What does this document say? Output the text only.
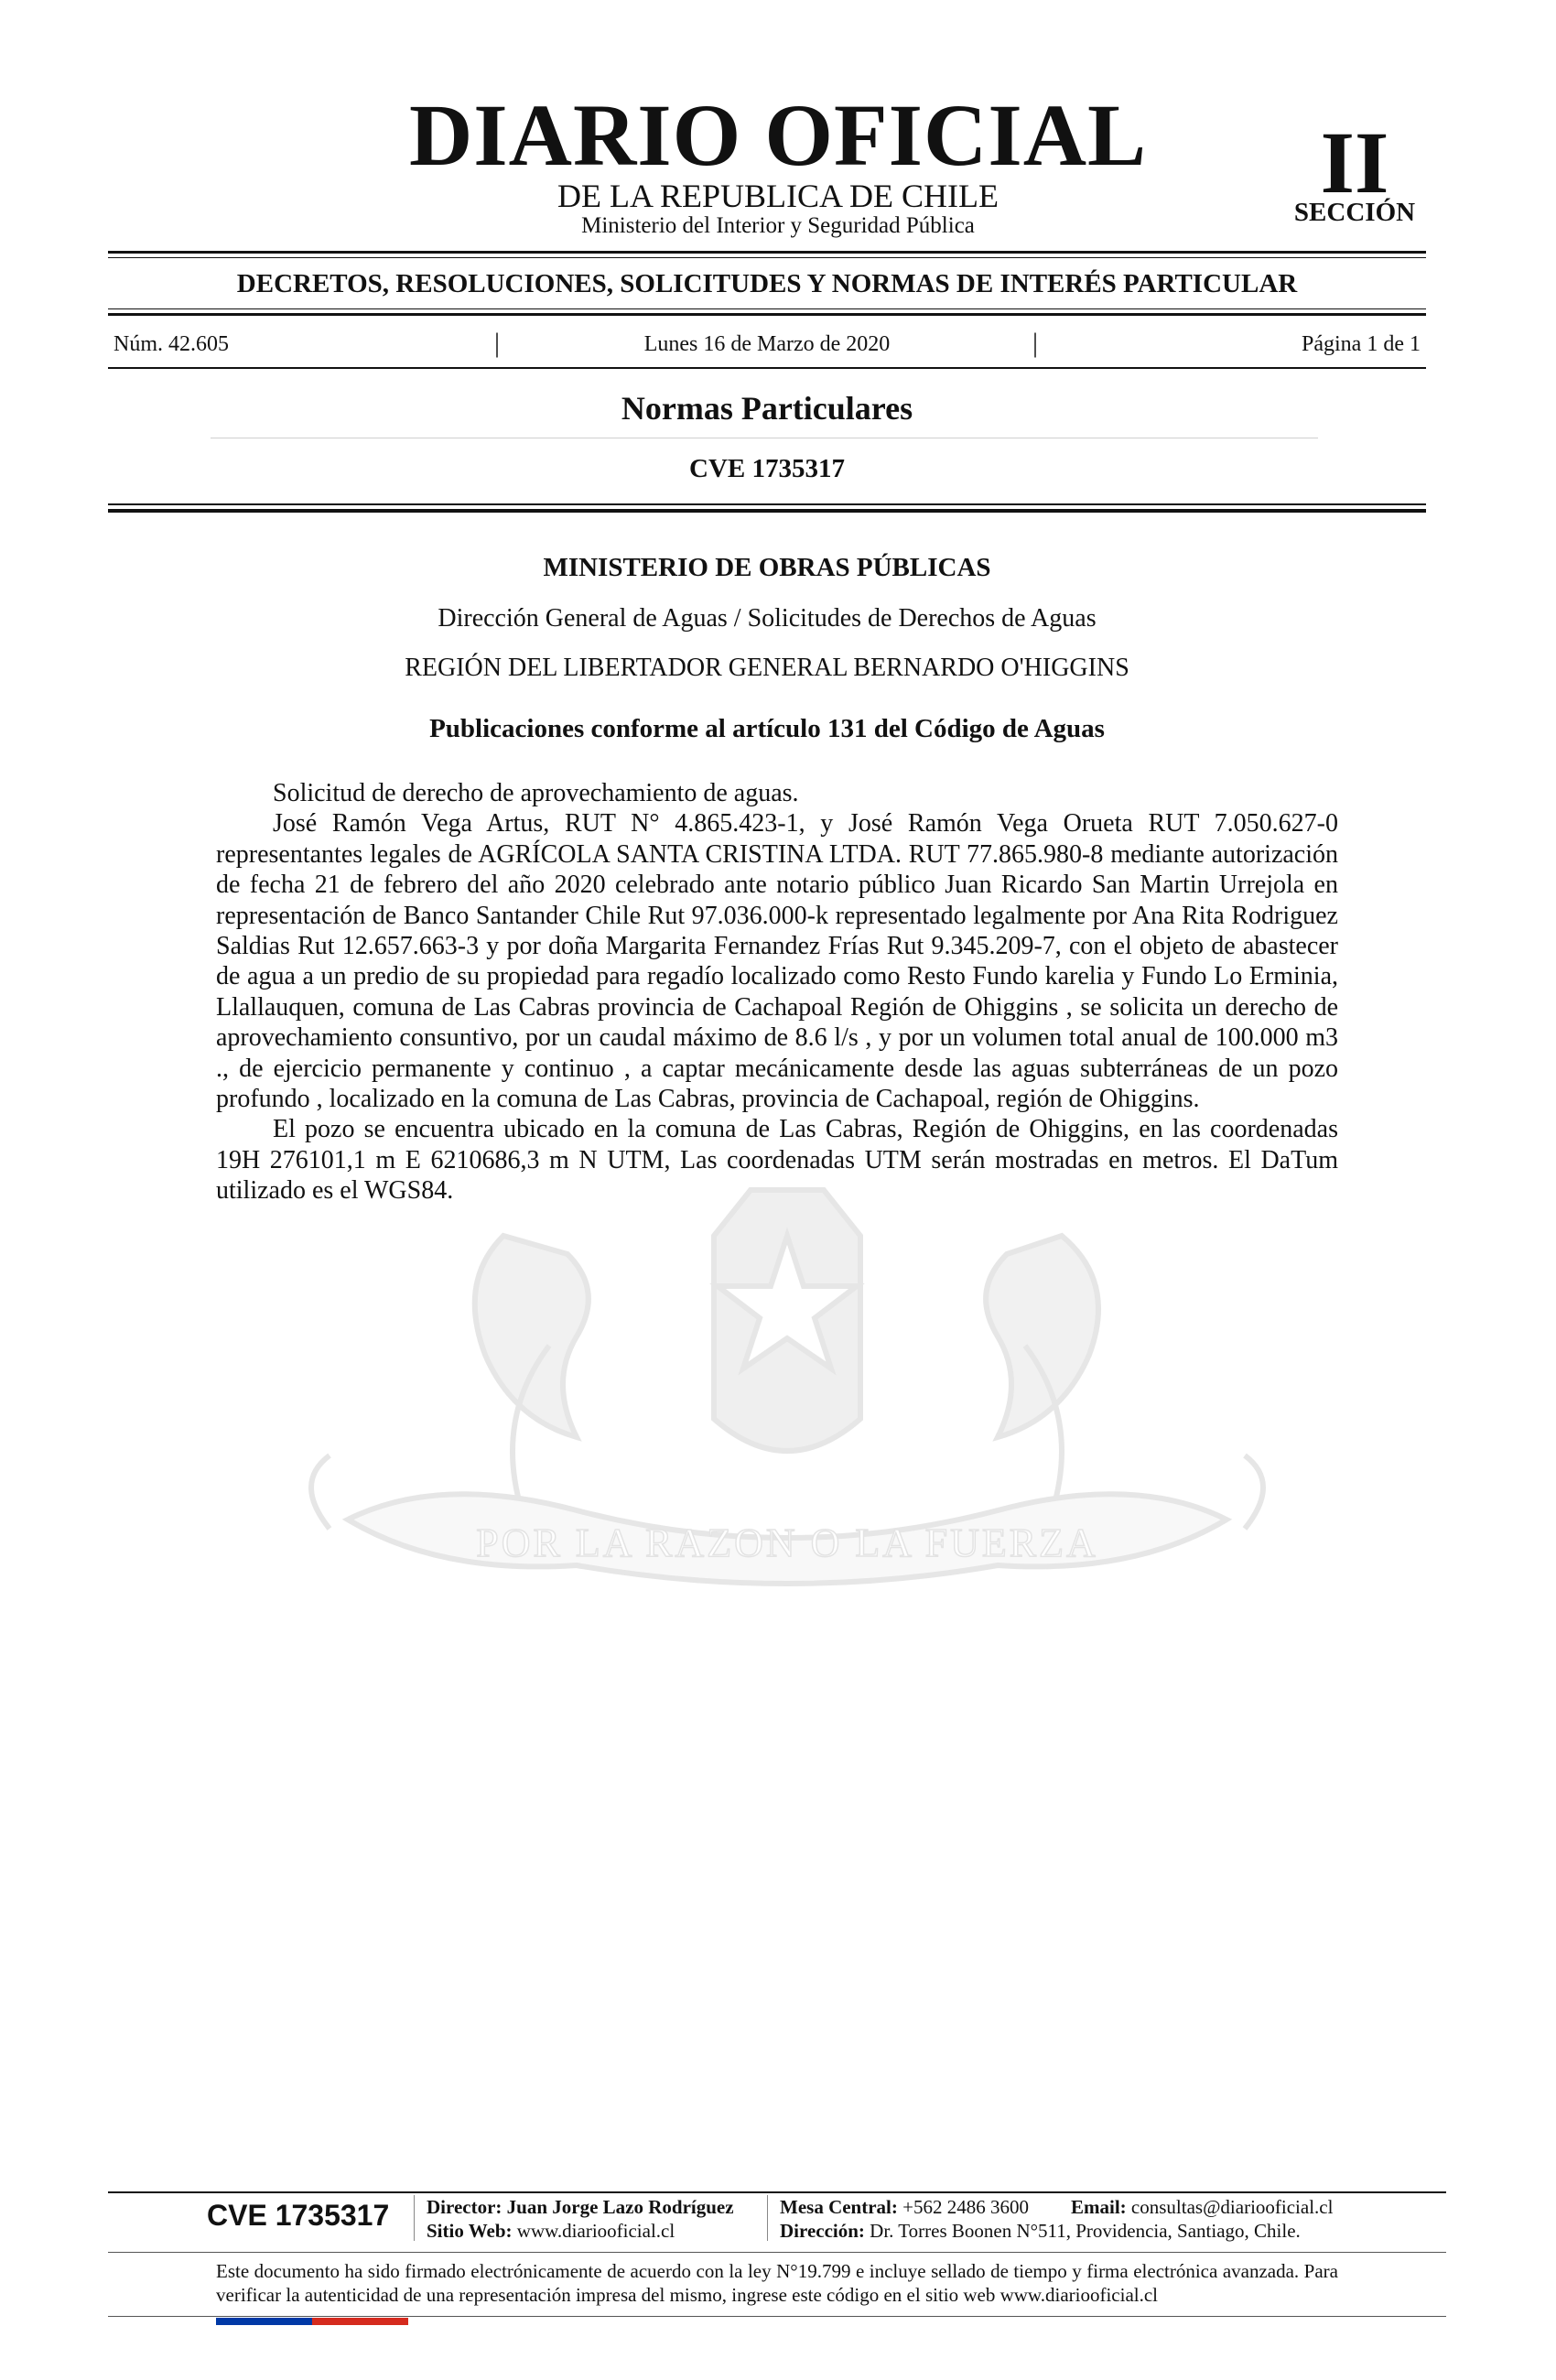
POR LA RAZON O LA FUERZA
DIARIO OFICIAL
DE LA REPUBLICA DE CHILE
Ministerio del Interior y Seguridad Pública
II
SECCIÓN
DECRETOS, RESOLUCIONES, SOLICITUDES Y NORMAS DE INTERÉS PARTICULAR
Núm. 42.605	|	Lunes 16 de Marzo de 2020	|	Página 1 de 1
Normas Particulares
CVE 1735317
MINISTERIO DE OBRAS PÚBLICAS
Dirección General de Aguas / Solicitudes de Derechos de Aguas
REGIÓN DEL LIBERTADOR GENERAL BERNARDO O'HIGGINS
Publicaciones conforme al artículo 131 del Código de Aguas

Solicitud de derecho de aprovechamiento de aguas.

José Ramón Vega Artus, RUT N° 4.865.423-1, y José Ramón Vega Orueta RUT 7.050.627-0 representantes legales de AGRÍCOLA SANTA CRISTINA LTDA. RUT 77.865.980-8 mediante autorización de fecha 21 de febrero del año 2020 celebrado ante notario público Juan Ricardo San Martin Urrejola en representación de Banco Santander Chile Rut 97.036.000-k representado legalmente por Ana Rita Rodriguez Saldias Rut 12.657.663-3 y por doña Margarita Fernandez Frías Rut 9.345.209-7, con el objeto de abastecer de agua a un predio de su propiedad para regadío localizado como Resto Fundo karelia y Fundo Lo Erminia, Llallauquen, comuna de Las Cabras provincia de Cachapoal Región de Ohiggins , se solicita un derecho de aprovechamiento consuntivo, por un caudal máximo de 8.6 l/s , y por un volumen total anual de 100.000 m3 ., de ejercicio permanente y continuo , a captar mecánicamente desde las aguas subterráneas de un pozo profundo , localizado en la comuna de Las Cabras, provincia de Cachapoal, región de Ohiggins.

El pozo se encuentra ubicado en la comuna de Las Cabras, Región de Ohiggins, en las coordenadas 19H 276101,1 m E 6210686,3 m N UTM, Las coordenadas UTM serán mostradas en metros. El DaTum utilizado es el WGS84.

CVE 1735317 Director: Juan Jorge Lazo Rodríguez
Sitio Web: www.diariooficial.cl
Mesa Central: +562 2486 3600 Email: consultas@diariooficial.cl
Dirección: Dr. Torres Boonen N°511, Providencia, Santiago, Chile.
Este documento ha sido firmado electrónicamente de acuerdo con la ley N°19.799 e incluye sellado de tiempo y firma electrónica avanzada. Para verificar la autenticidad de una representación impresa del mismo, ingrese este código en el sitio web www.diariooficial.cl
